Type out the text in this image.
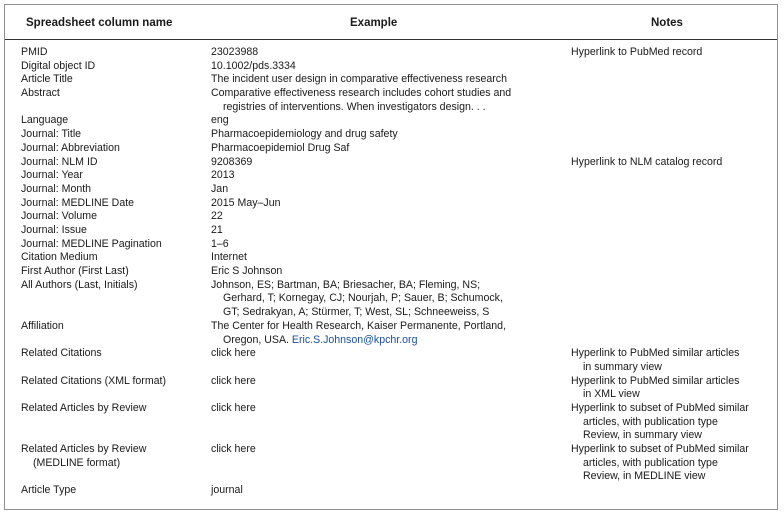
Spreadsheet column name	Example	Notes
PMID	23023988	Hyperlink to PubMed record
Digital object ID	10.1002/pds.3334
Article Title	The incident user design in comparative effectiveness research
Abstract	Comparative effectiveness research includes cohort studies and
registries of interventions. When investigators design. . .
Language	eng
Journal: Title	Pharmacoepidemiology and drug safety
Journal: Abbreviation	Pharmacoepidemiol Drug Saf
Journal: NLM ID	9208369	Hyperlink to NLM catalog record
Journal: Year	2013
Journal: Month	Jan
Journal: MEDLINE Date	2015 May–Jun
Journal: Volume	22
Journal: Issue	21
Journal: MEDLINE Pagination	1–6
Citation Medium	Internet
First Author (First Last)	Eric S Johnson
All Authors (Last, Initials)	Johnson, ES; Bartman, BA; Briesacher, BA; Fleming, NS;
Gerhard, T; Kornegay, CJ; Nourjah, P; Sauer, B; Schumock,
GT; Sedrakyan, A; Stürmer, T; West, SL; Schneeweiss, S
Affiliation	The Center for Health Research, Kaiser Permanente, Portland,
Oregon, USA. Eric.S.Johnson@kpchr.org
Related Citations	click here	Hyperlink to PubMed similar articles
in summary view
Related Citations (XML format)	click here	Hyperlink to PubMed similar articles
in XML view
Related Articles by Review	click here	Hyperlink to subset of PubMed similar
articles, with publication type
Review, in summary view
Related Articles by Review
(MEDLINE format)
click here	Hyperlink to subset of PubMed similar
articles, with publication type
Review, in MEDLINE view
Article Type	journal
